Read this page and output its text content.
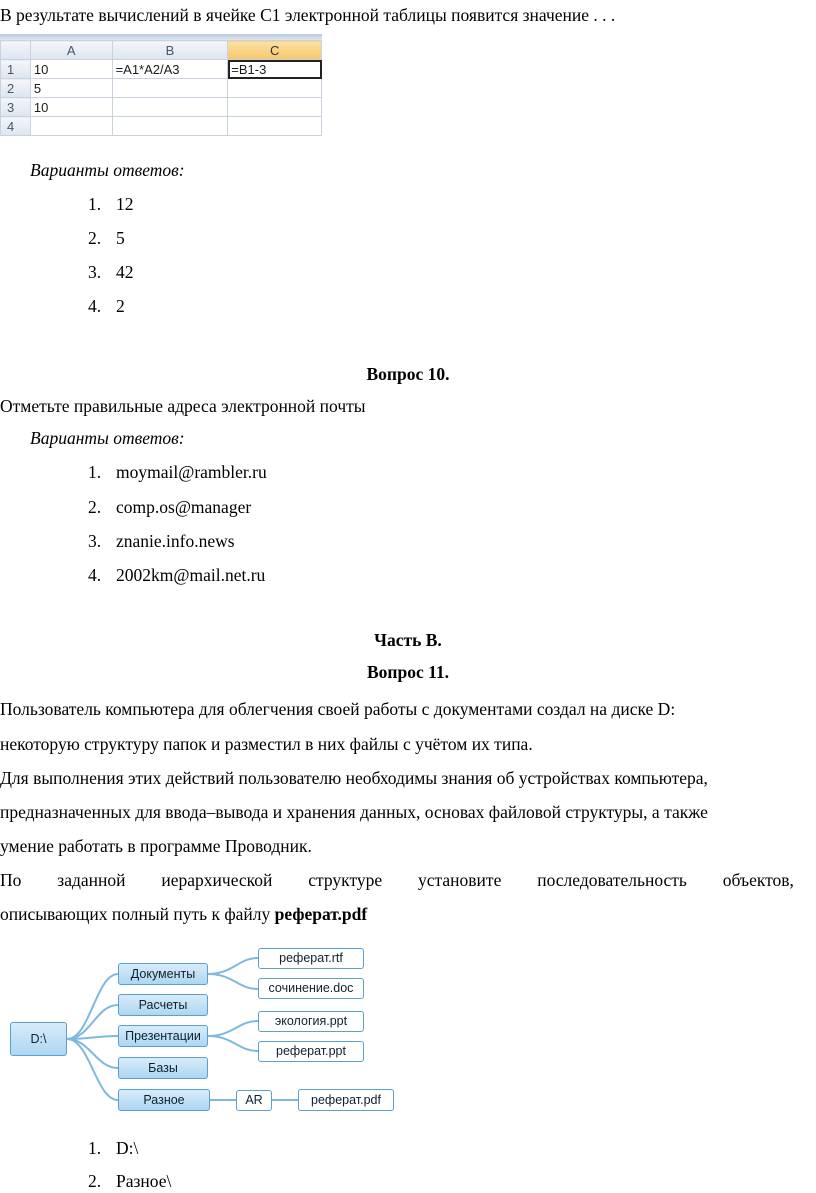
В результате вычислений в ячейке С1 электронной таблицы появится значение . . .
	A	B	C
1	10	=A1*A2/A3	=B1-3
2	5		
3	10		
4			
Варианты ответов:
1. 12
2. 5
3. 42
4. 2
Вопрос 10.
Отметьте правильные адреса электронной почты
Варианты ответов:
1. moymail@rambler.ru
2. comp.os@manager
3. znanie.info.news
4. 2002km@mail.net.ru
Часть В.
Вопрос 11.
Пользователь компьютера для облегчения своей работы с документами создал на диске D:
некоторую структуру папок и разместил в них файлы с учётом их типа.
Для выполнения этих действий пользователю необходимы знания об устройствах компьютера,
предназначенных для ввода–вывода и хранения данных, основах файловой структуры, а также
умение работать в программе Проводник.
По заданной иерархической структуре установите последовательность объектов,
описывающих полный путь к файлу реферат.pdf
D:\
Документы
Расчеты
Презентации
Базы
Разное
реферат.rtf
сочинение.doc
экология.ppt
реферат.ppt
AR	реферат.pdf
1. D:\
2. Разное\
